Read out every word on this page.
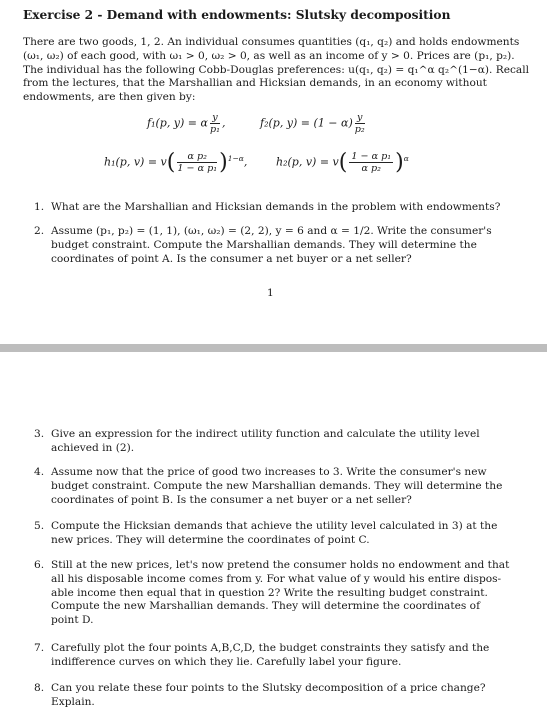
Exercise 2 - Demand with endowments: Slutsky decomposition
There are two goods, 1, 2. An individual consumes quantities (q₁, q₂) and holds endowments
(ω₁, ω₂) of each good, with ω₁ > 0, ω₂ > 0, as well as an income of y > 0. Prices are (p₁, p₂).
The individual has the following Cobb-Douglas preferences: u(q₁, q₂) = q₁^α q₂^(1−α). Recall
from the lectures, that the Marshallian and Hicksian demands, in an economy without
endowments, are then given by:
f₁(p, y) = α $\frac{y}{\text{p₁}}$ ,	f₂(p, $y) = (1 - \alpha) \frac{y}{\text{p₂}}$
h₁(p, $v) = v( \frac{\text{α p₂}}{\text{1 − α p₁}} )^{1-\alpha}$,	h₂(p, $v) = v( \frac{\text{1 − α p₁}}{\text{α p₂}} )^\alpha$
1. What are the Marshallian and Hicksian demands in the problem with endowments?
2. Assume (p₁, p₂) = (1, 1), (ω₁, ω₂) = (2, 2), y = 6 and α = 1/2. Write the consumer's
budget constraint. Compute the Marshallian demands. They will determine the
coordinates of point A. Is the consumer a net buyer or a net seller?
1
3. Give an expression for the indirect utility function and calculate the utility level
achieved in (2).
4. Assume now that the price of good two increases to 3. Write the consumer's new
budget constraint. Compute the new Marshallian demands. They will determine the
coordinates of point B. Is the consumer a net buyer or a net seller?
5. Compute the Hicksian demands that achieve the utility level calculated in 3) at the
new prices. They will determine the coordinates of point C.
6. Still at the new prices, let's now pretend the consumer holds no endowment and that
all his disposable income comes from y. For what value of y would his entire dispos-
able income then equal that in question 2? Write the resulting budget constraint.
Compute the new Marshallian demands. They will determine the coordinates of
point D.
7. Carefully plot the four points A,B,C,D, the budget constraints they satisfy and the
indifference curves on which they lie. Carefully label your figure.
8. Can you relate these four points to the Slutsky decomposition of a price change?
Explain.
